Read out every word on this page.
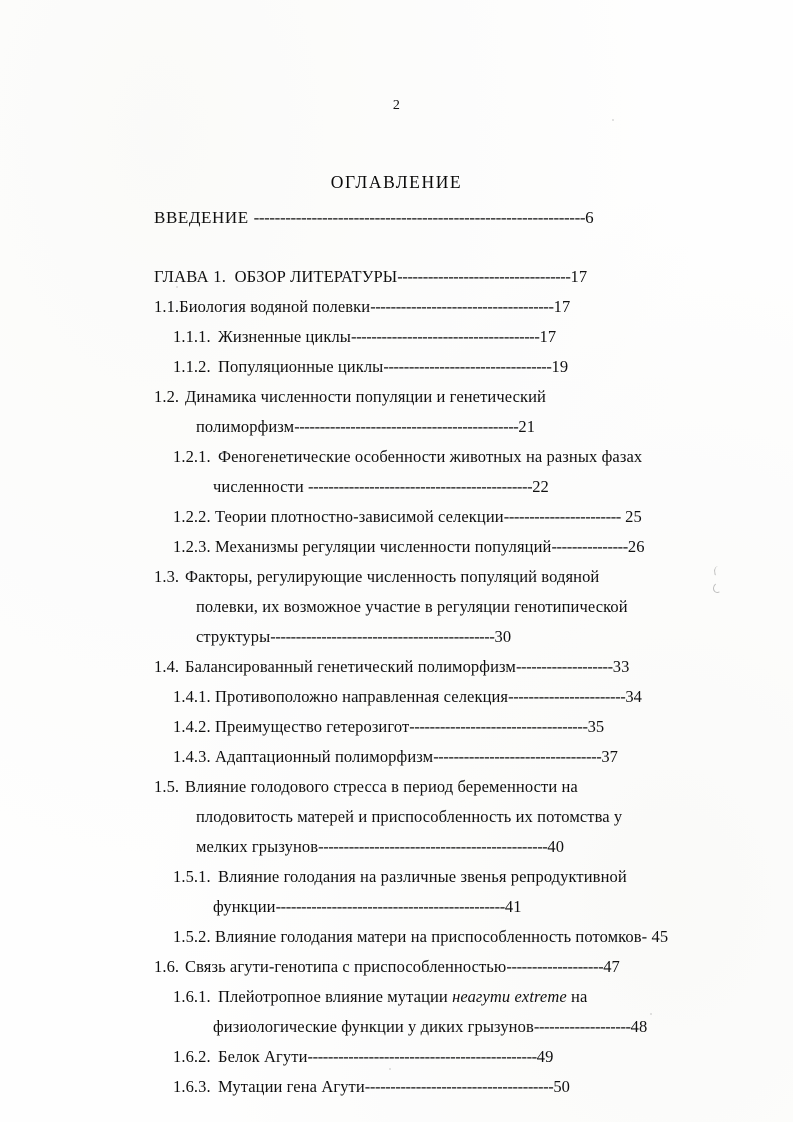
2
ОГЛАВЛЕНИЕ
ВВЕДЕНИЕ ---------------------------------------------------------------6
ГЛАВА 1. ОБЗОР ЛИТЕРАТУРЫ----------------------------------17
1.1.Биология водяной полевки------------------------------------17
1.1.1. Жизненные циклы-------------------------------------17
1.1.2. Популяционные циклы---------------------------------19
1.2. Динамика численности популяции и генетический
полиморфизм--------------------------------------------21
1.2.1. Феногенетические особенности животных на разных фазах
численности --------------------------------------------22
1.2.2. Теории плотностно-зависимой селекции----------------------- 25
1.2.3. Механизмы регуляции численности популяций---------------26
1.3. Факторы, регулирующие численность популяций водяной
полевки, их возможное участие в регуляции генотипической
структуры--------------------------------------------30
1.4. Балансированный генетический полиморфизм-------------------33
1.4.1. Противоположно направленная селекция-----------------------34
1.4.2. Преимущество гетерозигот-----------------------------------35
1.4.3. Адаптационный полиморфизм---------------------------------37
1.5. Влияние голодового стресса в период беременности на
плодовитость матерей и приспособленность их потомства у
мелких грызунов---------------------------------------------40
1.5.1. Влияние голодания на различные звенья репродуктивной
функции---------------------------------------------41
1.5.2. Влияние голодания матери на приспособленность потомков- 45
1.6. Связь агути-генотипа с приспособленностью-------------------47
1.6.1. Плейотропное влияние мутации неагути extreme на
физиологические функции у диких грызунов-------------------48
1.6.2. Белок Агути---------------------------------------------49
1.6.3. Мутации гена Агути-------------------------------------50
